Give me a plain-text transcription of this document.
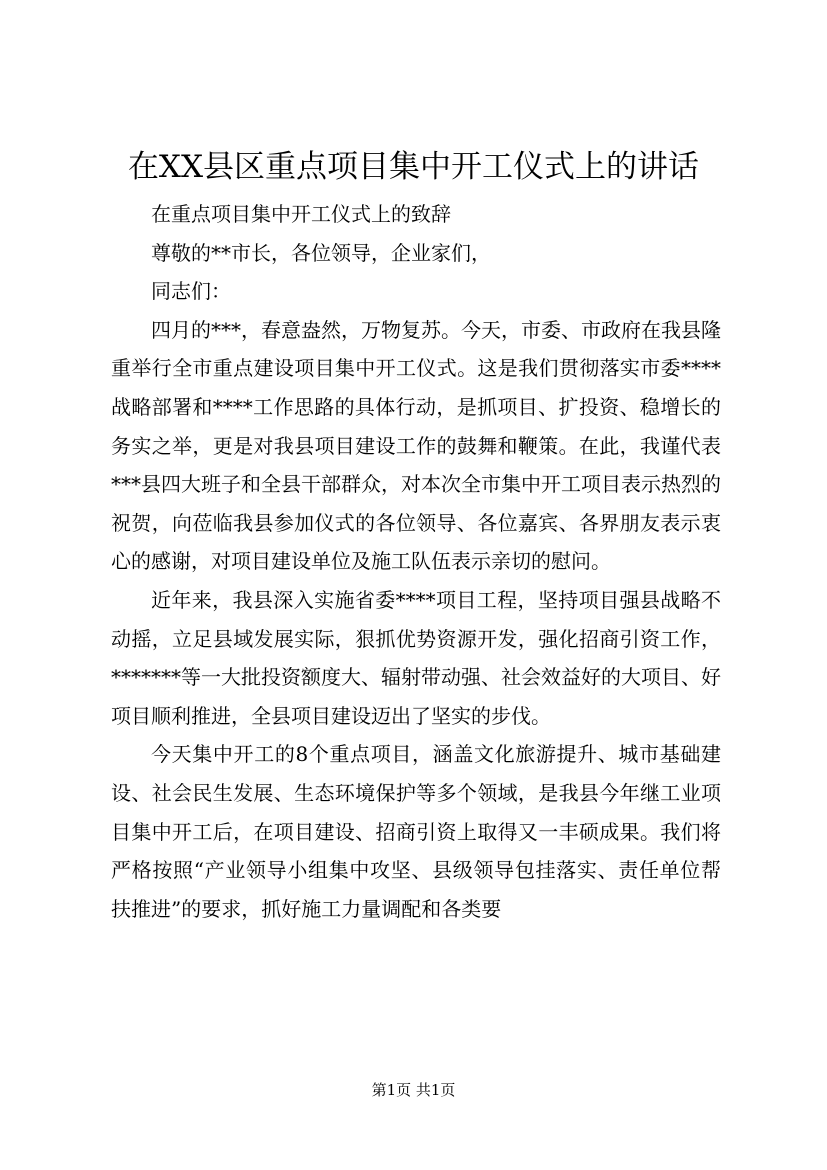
在XX县区重点项目集中开工仪式上的讲话

在重点项目集中开工仪式上的致辞

尊敬的**市长，各位领导，企业家们，

同志们：

四月的***，春意盎然，万物复苏。今天，市委、市政府在我县隆重举行全市重点建设项目集中开工仪式。这是我们贯彻落实市委****战略部署和****工作思路的具体行动，是抓项目、扩投资、稳增长的务实之举，更是对我县项目建设工作的鼓舞和鞭策。在此，我谨代表***县四大班子和全县干部群众，对本次全市集中开工项目表示热烈的祝贺，向莅临我县参加仪式的各位领导、各位嘉宾、各界朋友表示衷心的感谢，对项目建设单位及施工队伍表示亲切的慰问。

近年来，我县深入实施省委****项目工程，坚持项目强县战略不动摇，立足县域发展实际，狠抓优势资源开发，强化招商引资工作，*******等一大批投资额度大、辐射带动强、社会效益好的大项目、好项目顺利推进，全县项目建设迈出了坚实的步伐。

今天集中开工的8个重点项目，涵盖文化旅游提升、城市基础建设、社会民生发展、生态环境保护等多个领域，是我县今年继工业项目集中开工后，在项目建设、招商引资上取得又一丰硕成果。我们将严格按照“产业领导小组集中攻坚、县级领导包挂落实、责任单位帮扶推进”的要求，抓好施工力量调配和各类要

第1页 共1页
